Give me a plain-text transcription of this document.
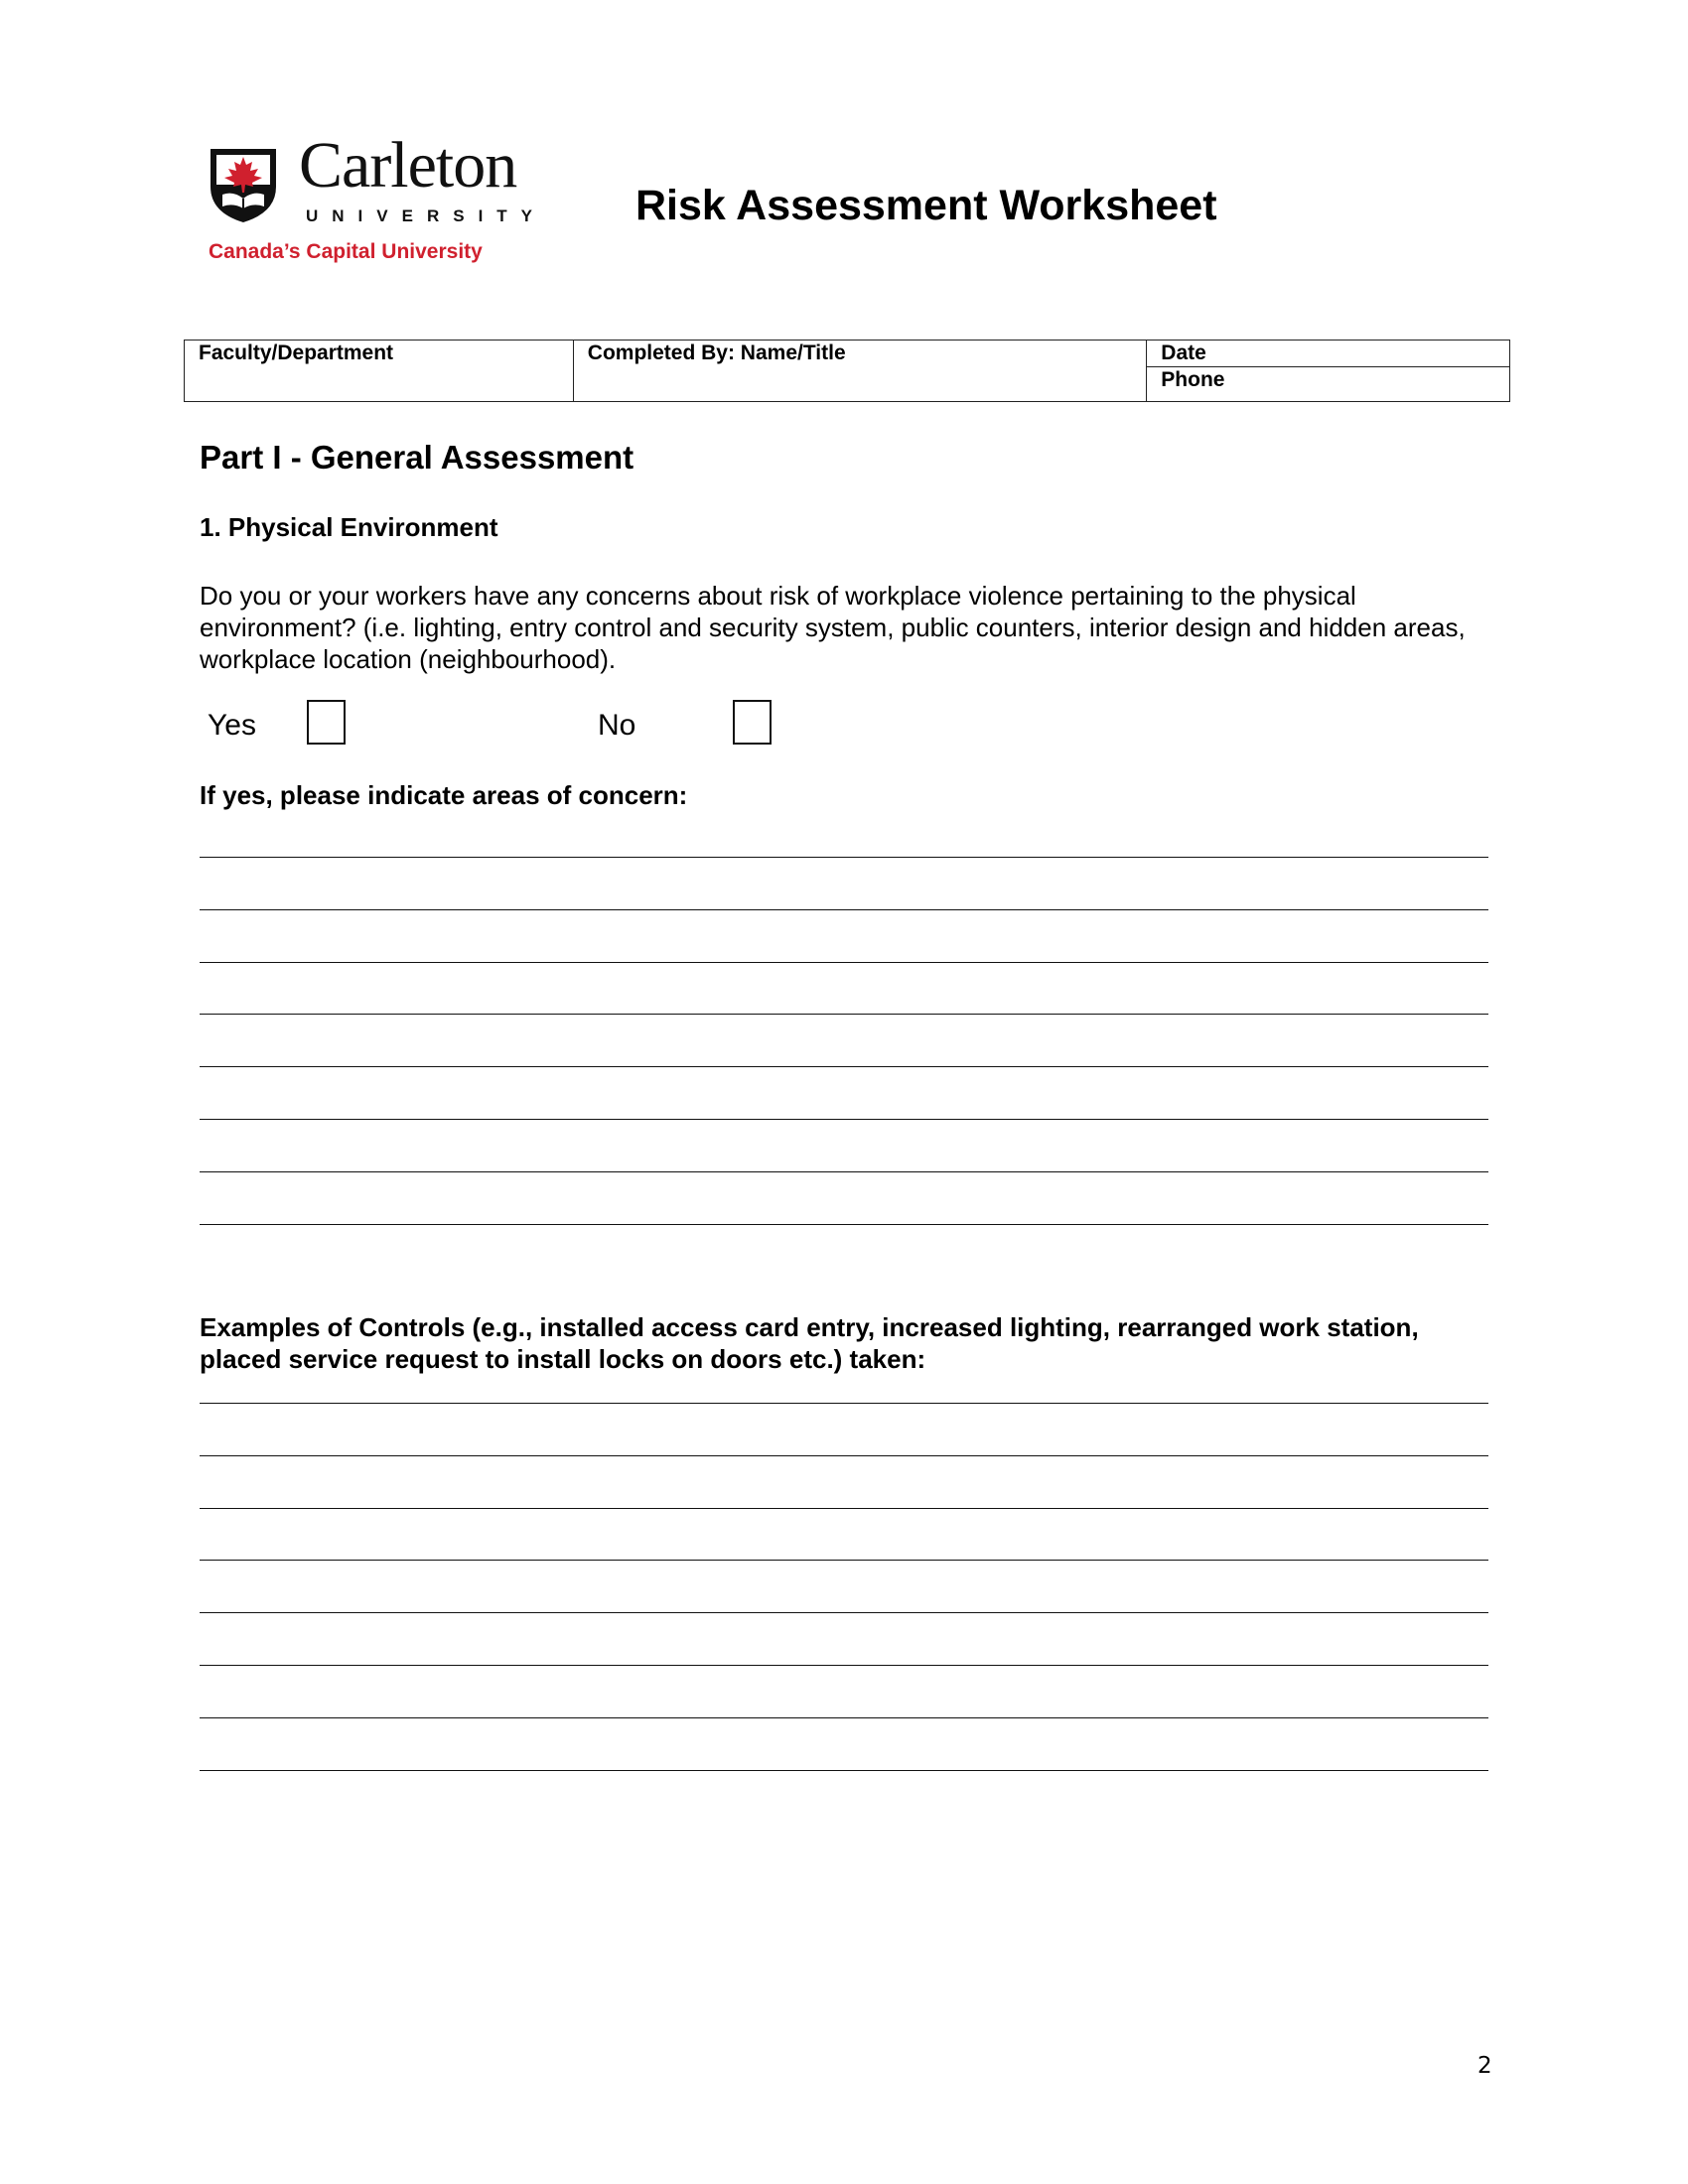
Carleton
UNIVERSITY
Canada’s Capital University
Risk Assessment Worksheet
Faculty/Department	Completed By: Name/Title	Date

Phone
Part I - General Assessment
1. Physical Environment
Do you or your workers have any concerns about risk of workplace violence pertaining to the physical environment? (i.e. lighting, entry control and security system, public counters, interior design and hidden areas, workplace location (neighbourhood).
Yes	No
If yes, please indicate areas of concern:
Examples of Controls (e.g., installed access card entry, increased lighting, rearranged work station, placed service request to install locks on doors etc.) taken:
2
